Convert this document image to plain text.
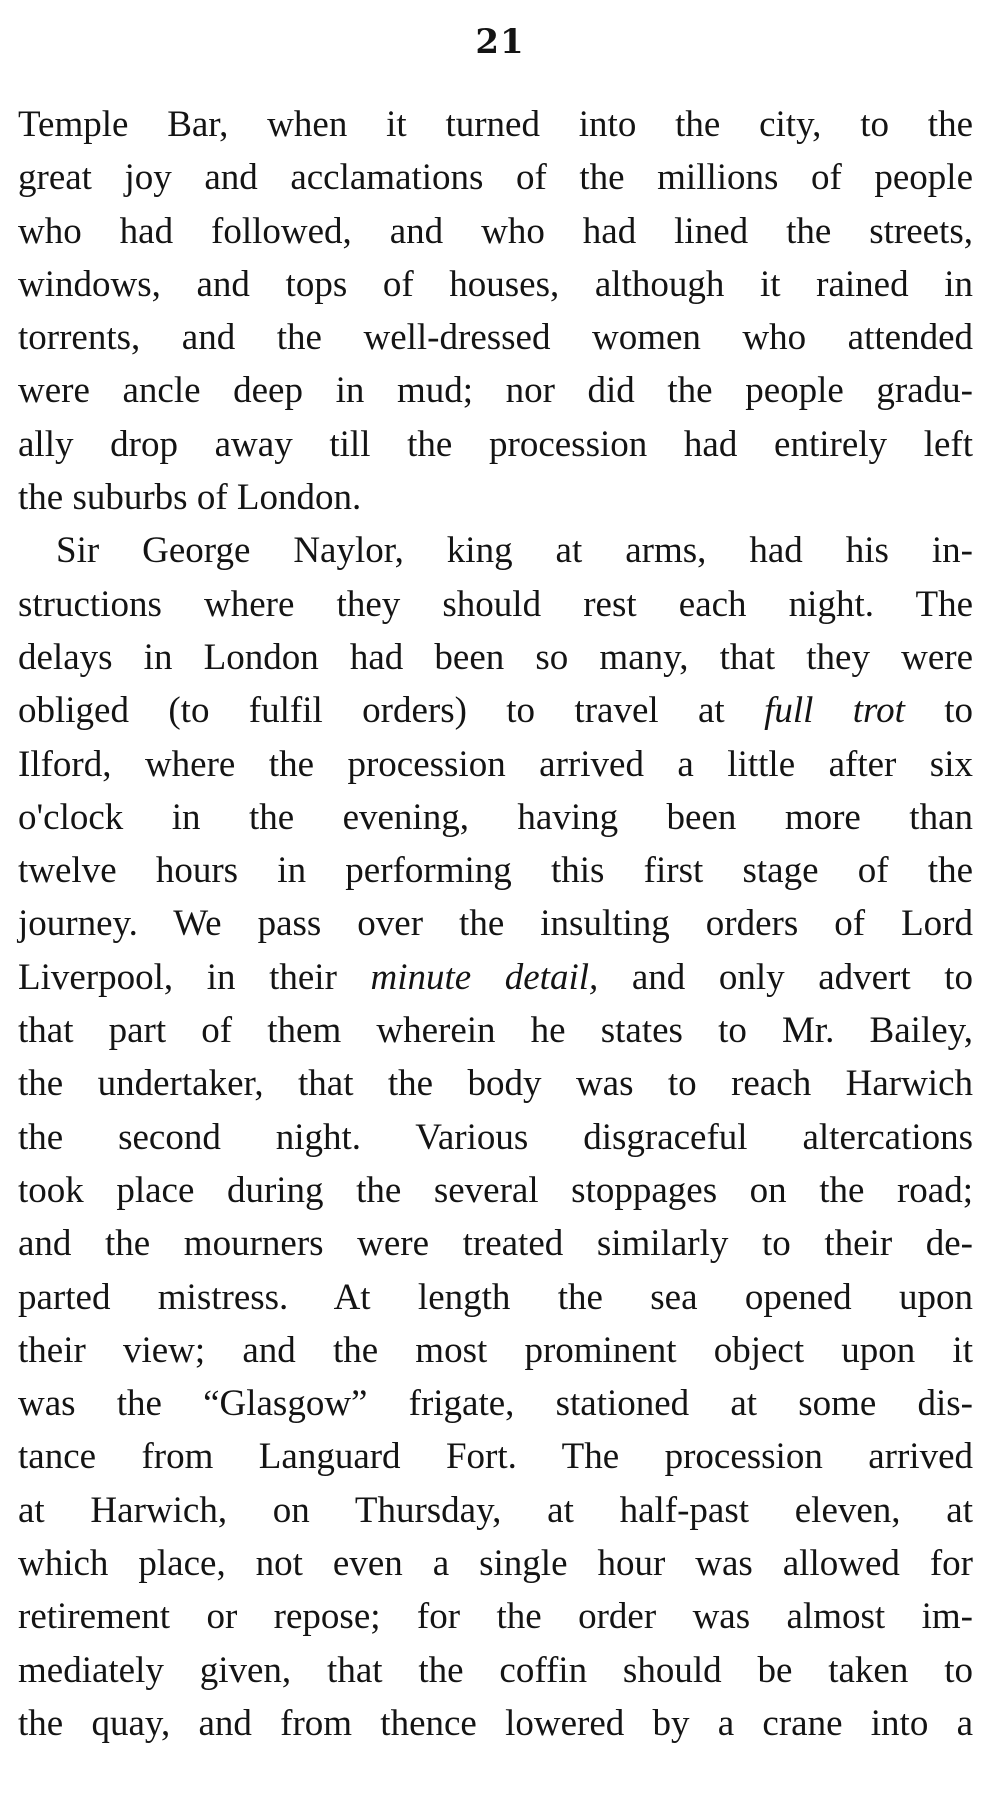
21
Temple Bar, when it turned into the city, to the
great joy and acclamations of the millions of people
who had followed, and who had lined the streets,
windows, and tops of houses, although it rained in
torrents, and the well-dressed women who attended
were ancle deep in mud; nor did the people gradu-
ally drop away till the procession had entirely left
the suburbs of London.
Sir George Naylor, king at arms, had his in-
structions where they should rest each night. The
delays in London had been so many, that they were
obliged (to fulfil orders) to travel at full trot to
Ilford, where the procession arrived a little after six
o'clock in the evening, having been more than
twelve hours in performing this first stage of the
journey. We pass over the insulting orders of Lord
Liverpool, in their minute detail, and only advert to
that part of them wherein he states to Mr. Bailey,
the undertaker, that the body was to reach Harwich
the second night. Various disgraceful altercations
took place during the several stoppages on the road;
and the mourners were treated similarly to their de-
parted mistress. At length the sea opened upon
their view; and the most prominent object upon it
was the “Glasgow” frigate, stationed at some dis-
tance from Languard Fort. The procession arrived
at Harwich, on Thursday, at half-past eleven, at
which place, not even a single hour was allowed for
retirement or repose; for the order was almost im-
mediately given, that the coffin should be taken to
the quay, and from thence lowered by a crane into a
